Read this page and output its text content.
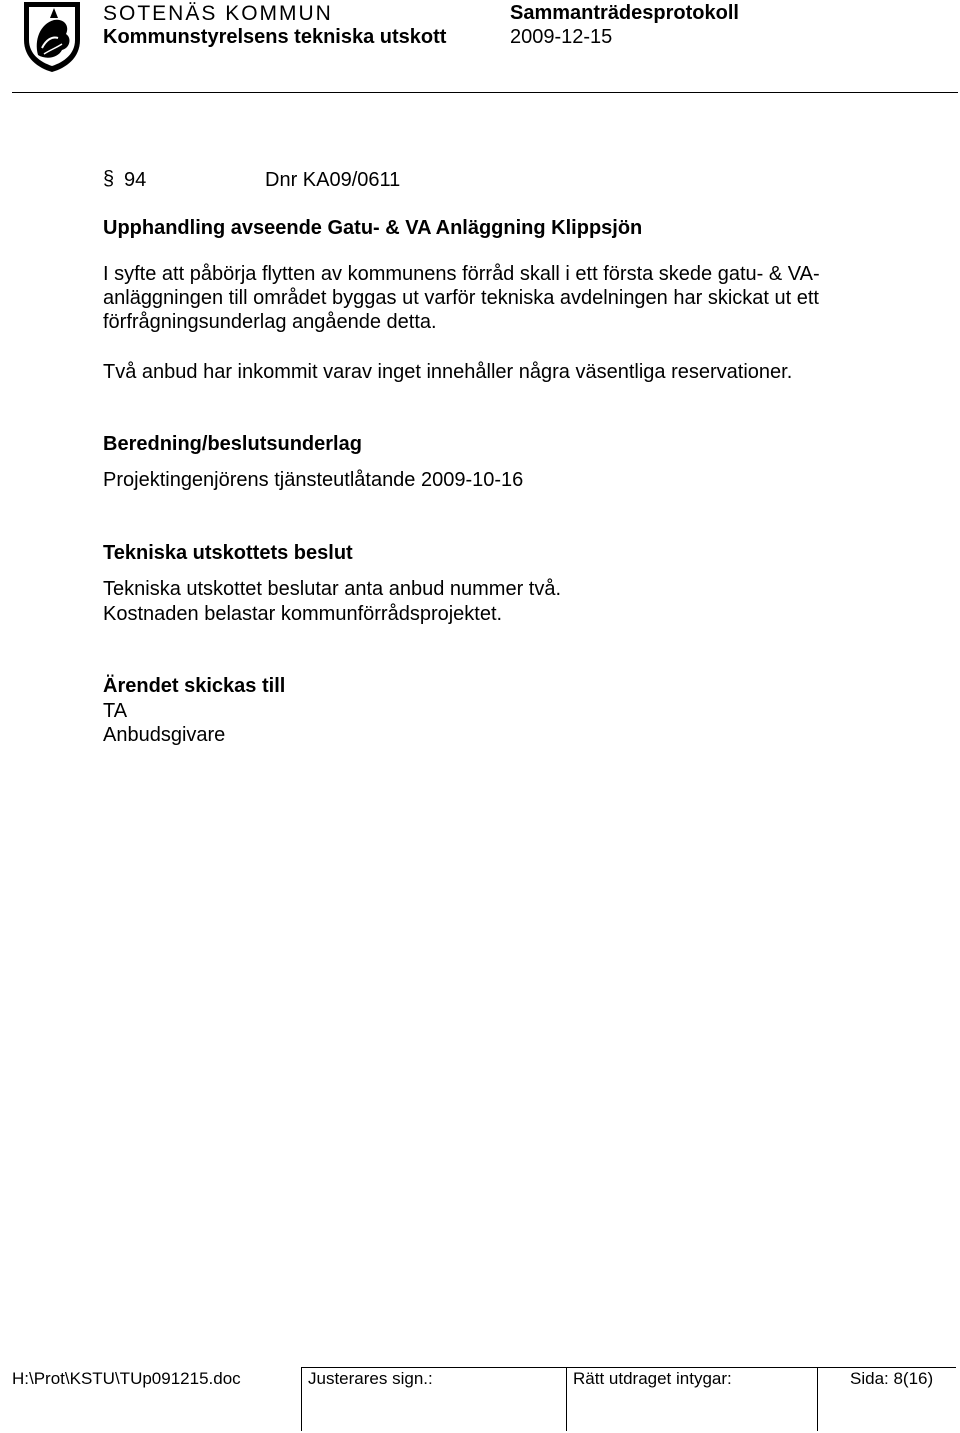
SOTENÄS KOMMUN
Kommunstyrelsens tekniska utskott
Sammanträdesprotokoll
2009-12-15
§ 94	Dnr KA09/0611
Upphandling avseende Gatu- & VA Anläggning Klippsjön
I syfte att påbörja flytten av kommunens förråd skall i ett första skede gatu- & VA-
anläggningen till området byggas ut varför tekniska avdelningen har skickat ut ett
förfrågningsunderlag angående detta.
Två anbud har inkommit varav inget innehåller några väsentliga reservationer.
Beredning/beslutsunderlag
Projektingenjörens tjänsteutlåtande 2009-10-16
Tekniska utskottets beslut
Tekniska utskottet beslutar anta anbud nummer två.
Kostnaden belastar kommunförrådsprojektet.
Ärendet skickas till
TA
Anbudsgivare
H:\Prot\KSTU\TUp091215.doc	Justerares sign.:	Rätt utdraget intygar:	Sida: 8(16)
